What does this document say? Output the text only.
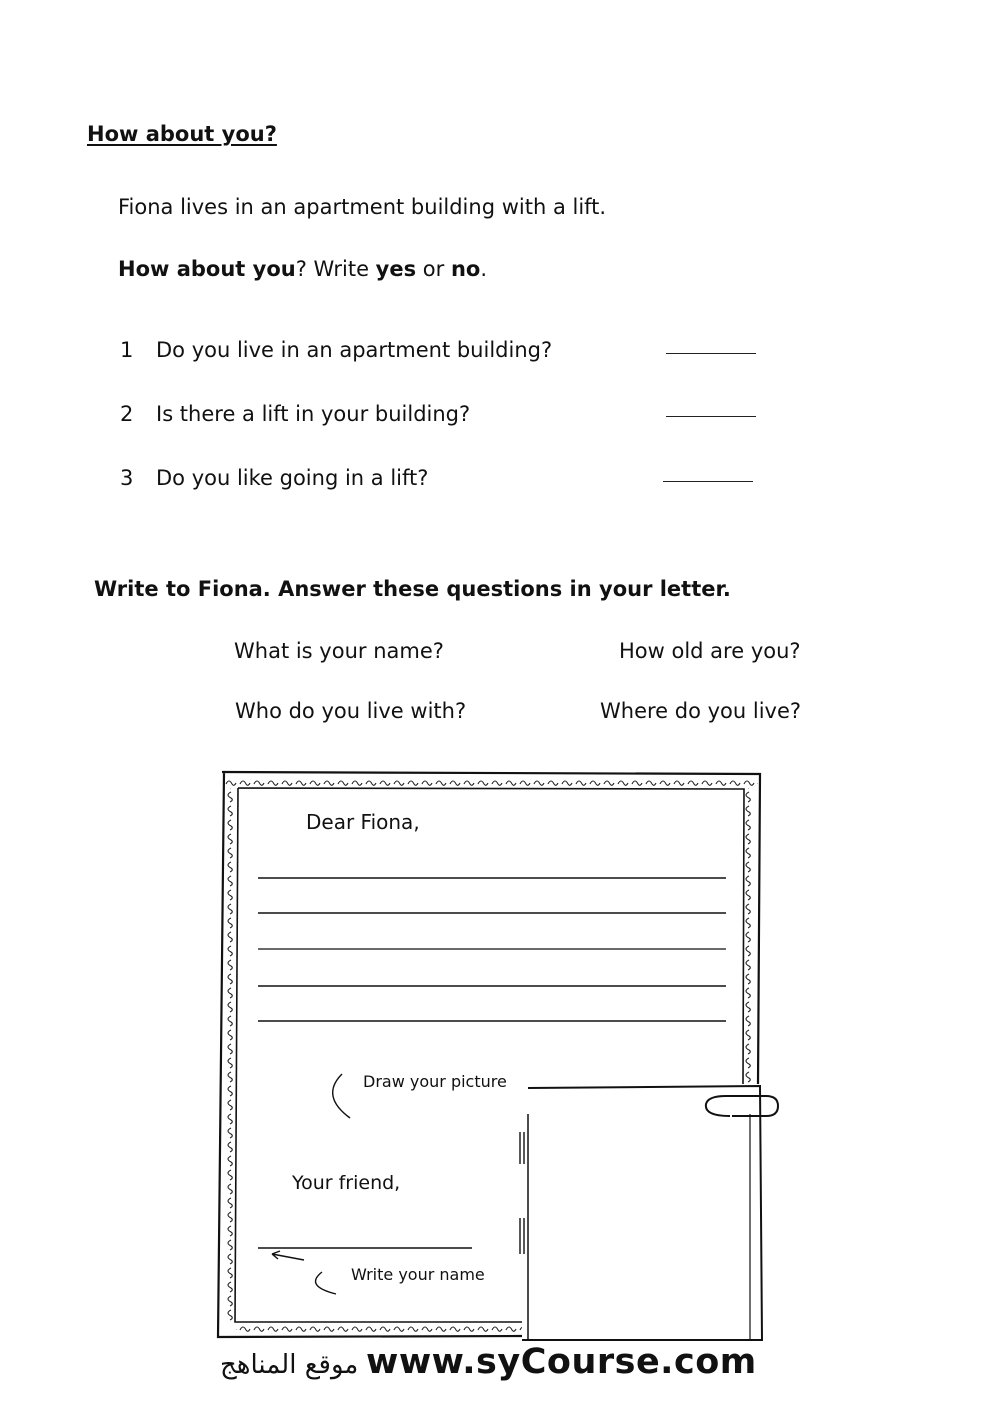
How about you?
Fiona lives in an apartment building with a lift.
How about you? Write yes or no.
1 Do you live in an apartment building?
2 Is there a lift in your building?
3 Do you like going in a lift?
Write to Fiona. Answer these questions in your letter.
What is your name?	How old are you?
Who do you live with?	Where do you live?
Dear Fiona,
Draw your picture
Your friend,
Write your name
www.syCourse.com
موقع المناهج
